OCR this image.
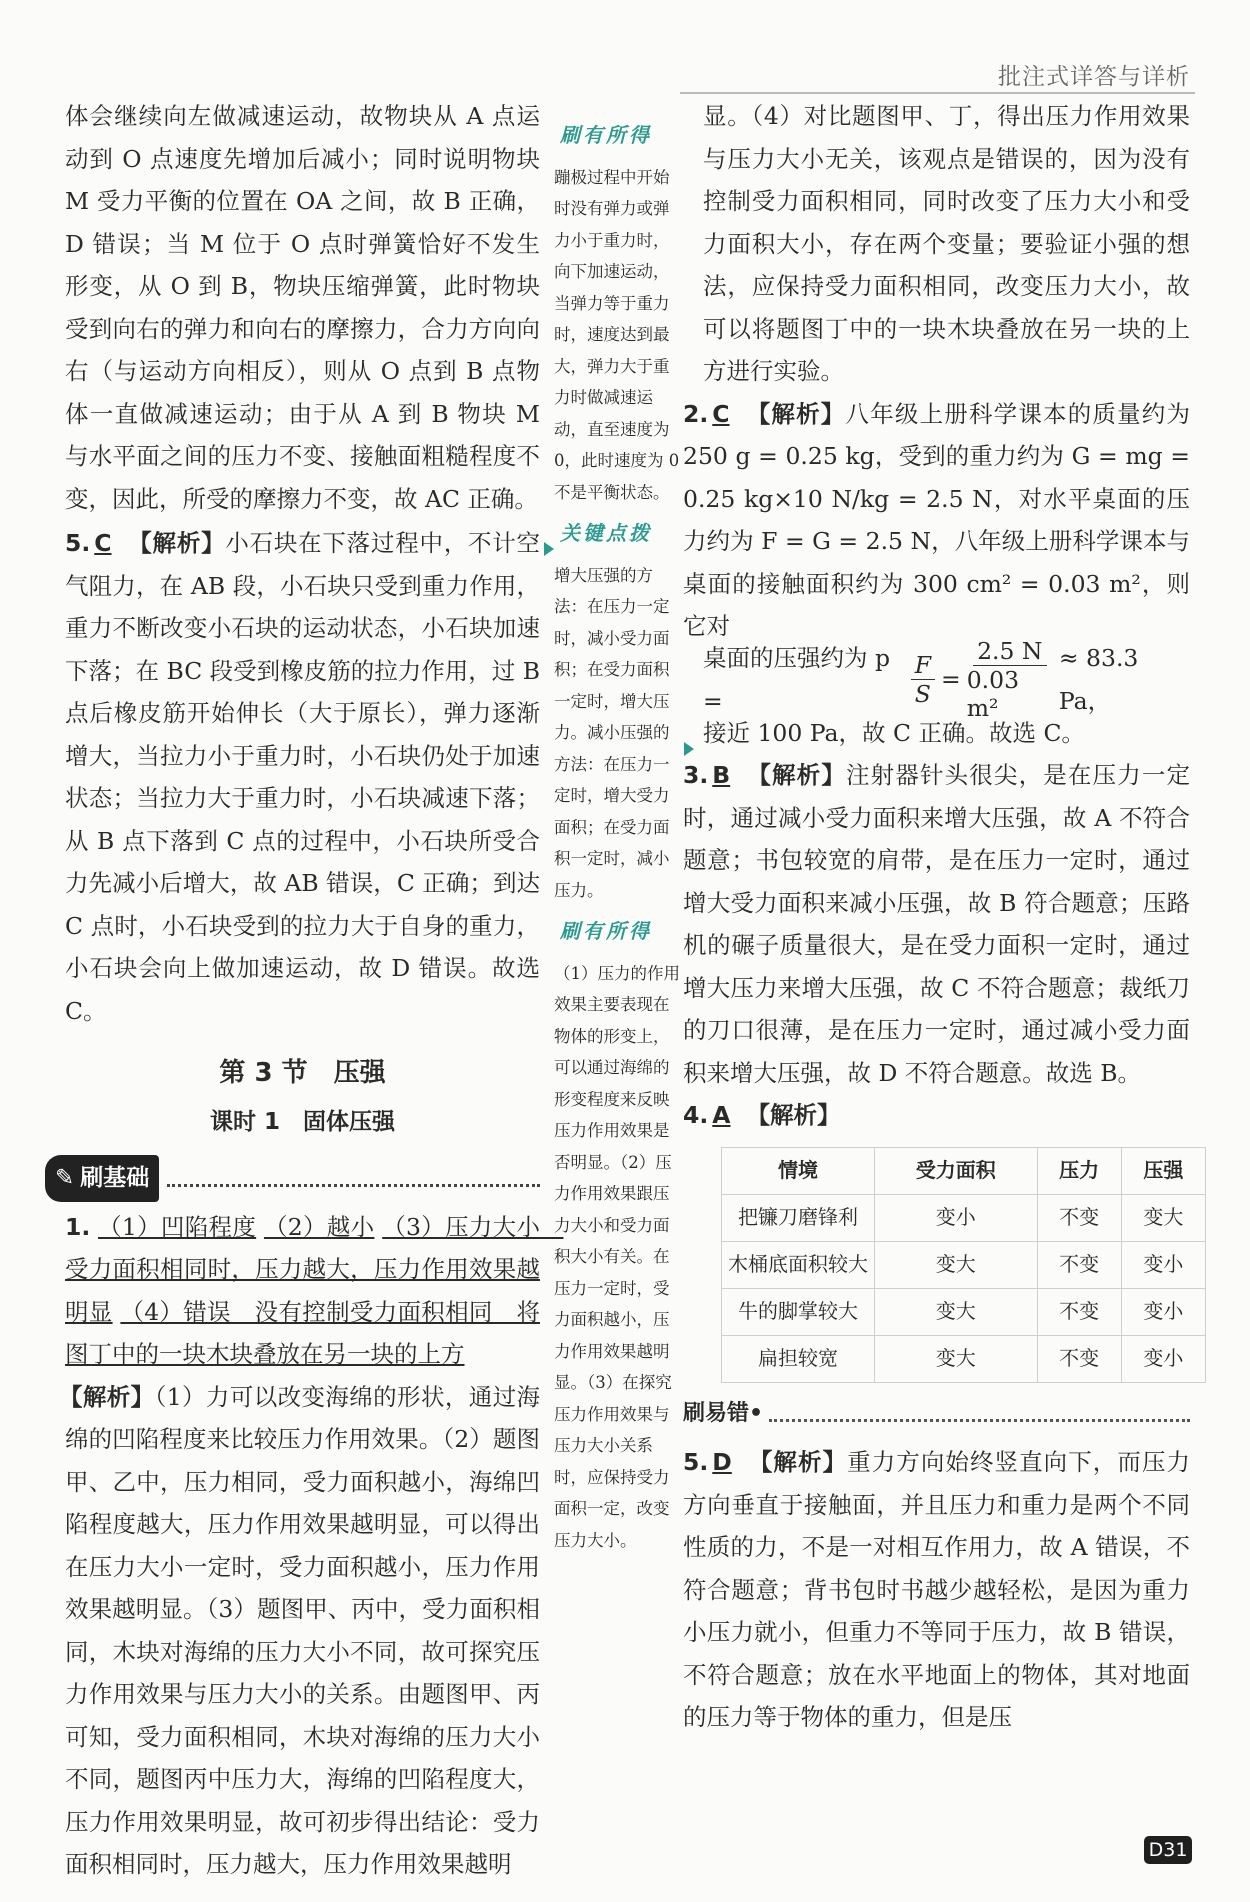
批注式详答与详析

体会继续向左做减速运动，故物块从 A 点运动到 O 点速度先增加后减小；同时说明物块 M 受力平衡的位置在 OA 之间，故 B 正确，D 错误；当 M 位于 O 点时弹簧恰好不发生形变，从 O 到 B，物块压缩弹簧，此时物块受到向右的弹力和向右的摩擦力，合力方向向右（与运动方向相反），则从 O 点到 B 点物体一直做减速运动；由于从 A 到 B 物块 M 与水平面之间的压力不变、接触面粗糙程度不变，因此，所受的摩擦力不变，故 AC 正确。

5. C 【解析】小石块在下落过程中，不计空气阻力，在 AB 段，小石块只受到重力作用，重力不断改变小石块的运动状态，小石块加速下落；在 BC 段受到橡皮筋的拉力作用，过 B 点后橡皮筋开始伸长（大于原长），弹力逐渐增大，当拉力小于重力时，小石块仍处于加速状态；当拉力大于重力时，小石块减速下落；从 B 点下落到 C 点的过程中，小石块所受合力先减小后增大，故 AB 错误，C 正确；到达 C 点时，小石块受到的拉力大于自身的重力，小石块会向上做加速运动，故 D 错误。故选 C。

第 3 节　压强
课时 1　固体压强
✎ 刷基础

1. （1）凹陷程度 （2）越小 （3）压力大小　受力面积相同时，压力越大，压力作用效果越明显 （4）错误　没有控制受力面积相同　将图丁中的一块木块叠放在另一块的上方

【解析】（1）力可以改变海绵的形状，通过海绵的凹陷程度来比较压力作用效果。（2）题图甲、乙中，压力相同，受力面积越小，海绵凹陷程度越大，压力作用效果越明显，可以得出在压力大小一定时，受力面积越小，压力作用效果越明显。（3）题图甲、丙中，受力面积相同，木块对海绵的压力大小不同，故可探究压力作用效果与压力大小的关系。由题图甲、丙可知，受力面积相同，木块对海绵的压力大小不同，题图丙中压力大，海绵的凹陷程度大，压力作用效果明显，故可初步得出结论：受力面积相同时，压力越大，压力作用效果越明

刷有所得

蹦极过程中开始时没有弹力或弹力小于重力时，向下加速运动，当弹力等于重力时，速度达到最大，弹力大于重力时做减速运动，直至速度为 0，此时速度为 0 不是平衡状态。

关键点拨

增大压强的方法：在压力一定时，减小受力面积；在受力面积一定时，增大压力。减小压强的方法：在压力一定时，增大受力面积；在受力面积一定时，减小压力。

刷有所得

（1）压力的作用效果主要表现在物体的形变上，可以通过海绵的形变程度来反映压力作用效果是否明显。（2）压力作用效果跟压力大小和受力面积大小有关。在压力一定时，受力面积越小，压力作用效果越明显。（3）在探究压力作用效果与压力大小关系时，应保持受力面积一定，改变压力大小。

显。（4）对比题图甲、丁，得出压力作用效果与压力大小无关，该观点是错误的，因为没有控制受力面积相同，同时改变了压力大小和受力面积大小，存在两个变量；要验证小强的想法，应保持受力面积相同，改变压力大小，故可以将题图丁中的一块木块叠放在另一块的上方进行实验。

2. C 【解析】八年级上册科学课本的质量约为 250 g = 0.25 kg，受到的重力约为 G = mg = 0.25 kg×10 N/kg = 2.5 N，对水平桌面的压力约为 F = G = 2.5 N，八年级上册科学课本与桌面的接触面积约为 300 cm² = 0.03 m²，则它对

桌面的压强约为 p =	$\frac{F}{S} = \frac{2.5 N}{\text{0.03 m²}} \approx 83.3$ Pa，

接近 100 Pa，故 C 正确。故选 C。

3. B 【解析】注射器针头很尖，是在压力一定时，通过减小受力面积来增大压强，故 A 不符合题意；书包较宽的肩带，是在压力一定时，通过增大受力面积来减小压强，故 B 符合题意；压路机的碾子质量很大，是在受力面积一定时，通过增大压力来增大压强，故 C 不符合题意；裁纸刀的刀口很薄，是在压力一定时，通过减小受力面积来增大压强，故 D 不符合题意。故选 B。

4. A 【解析】

情境	受力面积	压力	压强
把镰刀磨锋利	变小	不变	变大
木桶底面积较大	变大	不变	变小
牛的脚掌较大	变大	不变	变小
扁担较宽	变大	不变	变小
刷易错•

5. D 【解析】重力方向始终竖直向下，而压力方向垂直于接触面，并且压力和重力是两个不同性质的力，不是一对相互作用力，故 A 错误，不符合题意；背书包时书越少越轻松，是因为重力小压力就小，但重力不等同于压力，故 B 错误，不符合题意；放在水平地面上的物体，其对地面的压力等于物体的重力，但是压

D31
